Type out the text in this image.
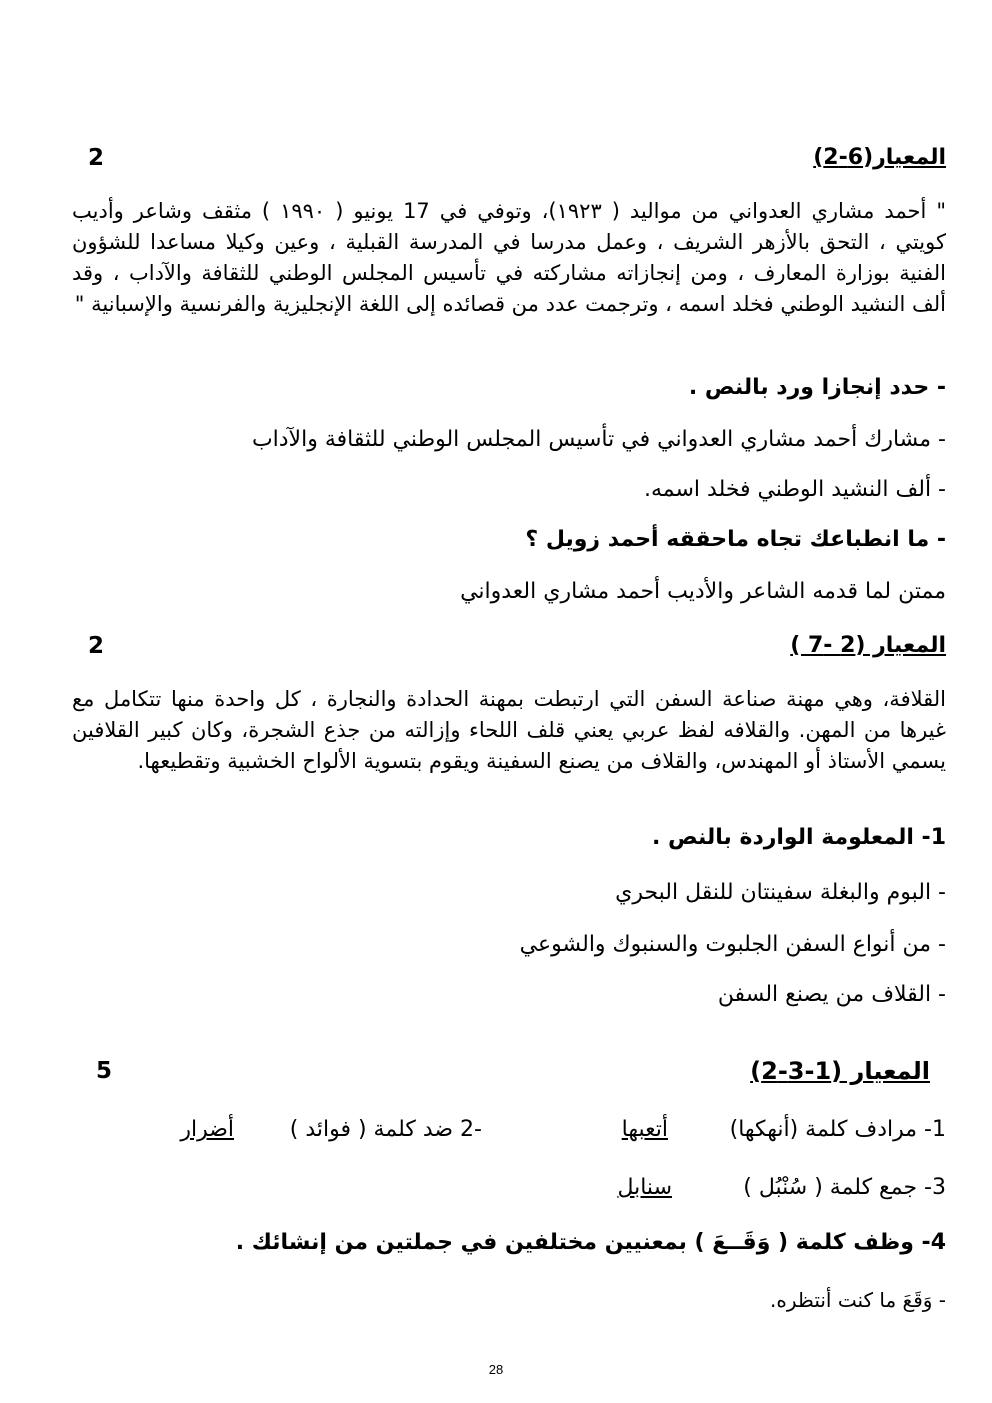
المعيار(6-2)
2
" أحمد مشاري العدواني من مواليد ( ١٩٢٣)، وتوفي في 17 يونيو ( ١٩٩٠ ) مثقف وشاعر وأديب كويتي ، التحق بالأزهر الشريف ، وعمل مدرسا في المدرسة القبلية ، وعين وكيلا مساعدا للشؤون الفنية بوزارة المعارف ، ومن إنجازاته مشاركته في تأسيس المجلس الوطني للثقافة والآداب ، وقد ألف النشيد الوطني فخلد اسمه ، وترجمت عدد من قصائده إلى اللغة الإنجليزية والفرنسية والإسبانية "
- حدد إنجازا ورد بالنص .
- مشارك أحمد مشاري العدواني في تأسيس المجلس الوطني للثقافة والآداب
- ألف النشيد الوطني فخلد اسمه.
- ما انطباعك تجاه ماحققه أحمد زويل ؟
ممتن لما قدمه الشاعر والأديب أحمد مشاري العدواني
المعيار (2 -7 )
2
القلافة، وهي مهنة صناعة السفن التي ارتبطت بمهنة الحدادة والنجارة ، كل واحدة منها تتكامل مع غيرها من المهن. والقلافه لفظ عربي يعني قلف اللحاء وإزالته من جذع الشجرة، وكان كبير القلافين يسمي الأستاذ أو المهندس، والقلاف من يصنع السفينة ويقوم بتسوية الألواح الخشبية وتقطيعها.
1- المعلومة الواردة بالنص .
- البوم والبغلة سفينتان للنقل البحري
- من أنواع السفن الجلبوت والسنبوك والشوعي
- القلاف من يصنع السفن
المعيار (1-3-2)
5
1- مرادف كلمة (أنهكها)
أتعبها
-2 ضد كلمة ( فوائد )
أضرار
3- جمع كلمة ( سُنْبُل )
سنابل
4- وظف كلمة ( وَقَــعَ ) بمعنيين مختلفين في جملتين من إنشائك .
- وَقَعَ ما كنت أنتظره.
28
